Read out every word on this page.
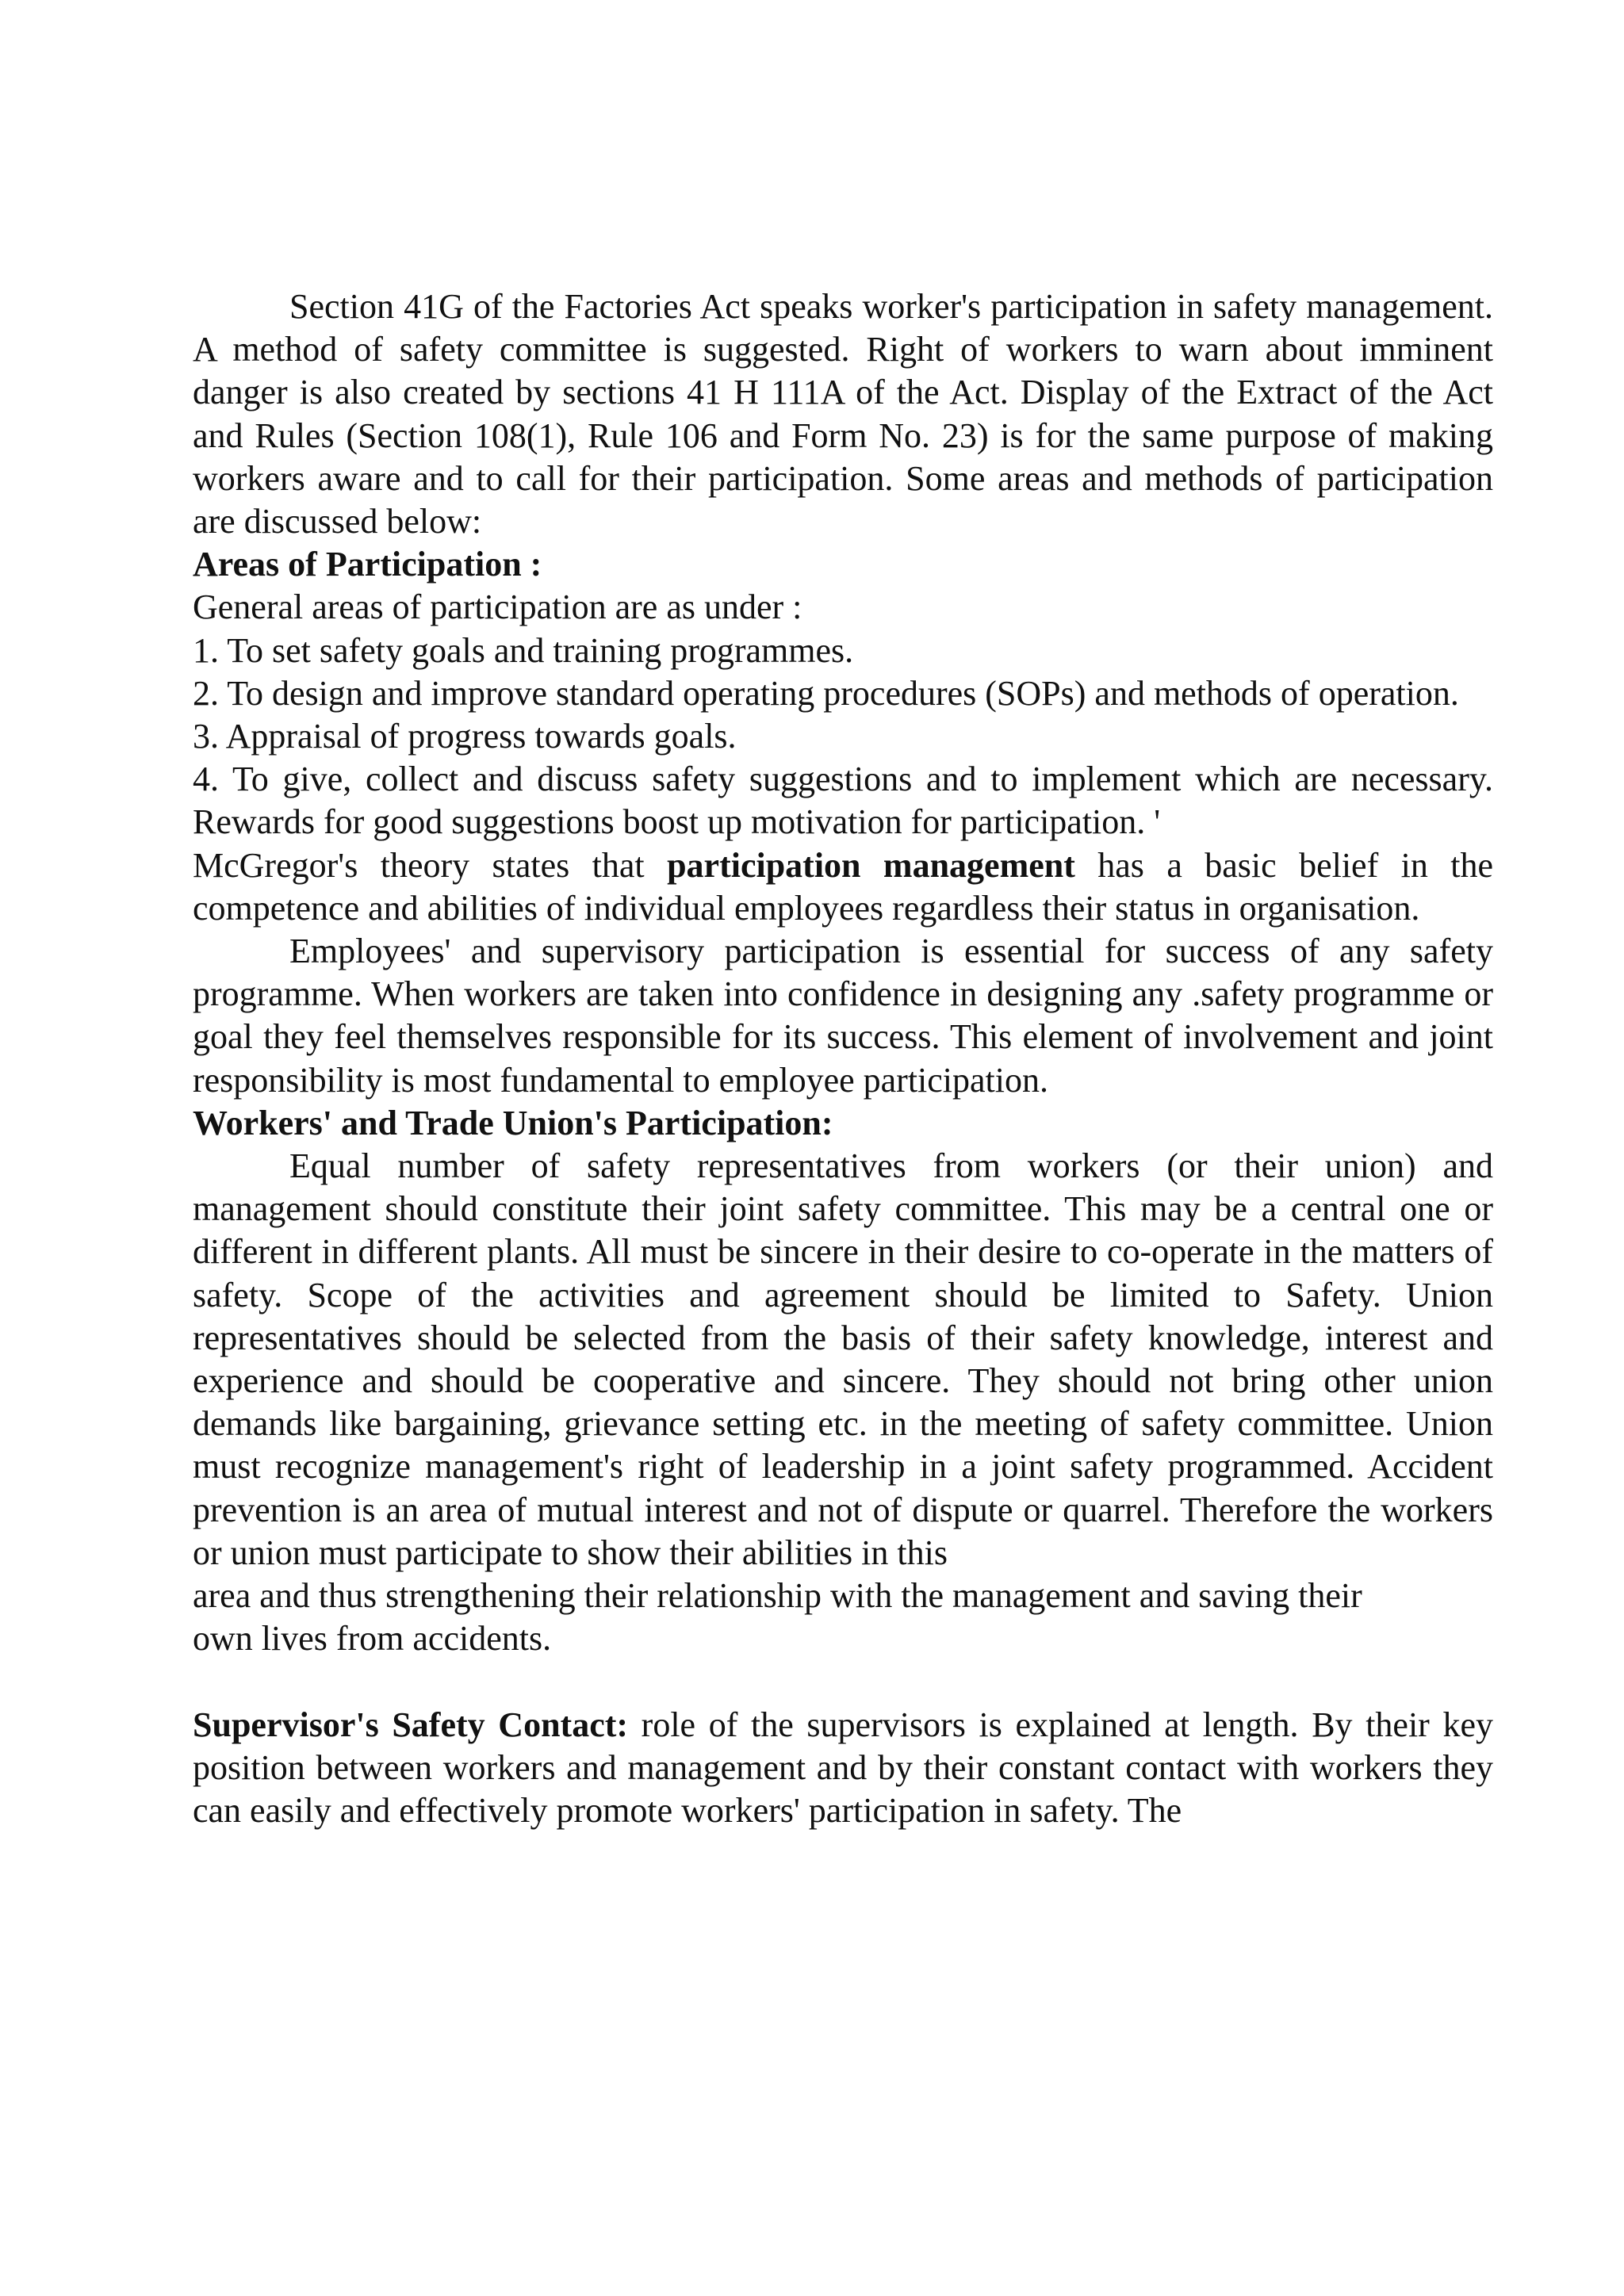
Section 41G of the Factories Act speaks worker's participation in safety management. A method of safety committee is suggested. Right of workers to warn about imminent danger is also created by sections 41 H 111A of the Act. Display of the Extract of the Act and Rules (Section 108(1), Rule 106 and Form No. 23) is for the same purpose of making workers aware and to call for their participation. Some areas and methods of participation are discussed below:

Areas of Participation :

General areas of participation are as under :

1. To set safety goals and training programmes.

2. To design and improve standard operating procedures (SOPs) and methods of operation.

3. Appraisal of progress towards goals.

4. To give, collect and discuss safety suggestions and to implement which are necessary. Rewards for good suggestions boost up motivation for participation. '

McGregor's theory states that participation management has a basic belief in the competence and abilities of individual employees regardless their status in organisation.

Employees' and supervisory participation is essential for success of any safety programme. When workers are taken into confidence in designing any .safety programme or goal they feel themselves responsible for its success. This element of involvement and joint responsibility is most fundamental to employee participation.

Workers' and Trade Union's Participation:

Equal number of safety representatives from workers (or their union) and management should constitute their joint safety committee. This may be a central one or different in different plants. All must be sincere in their desire to co-operate in the matters of safety. Scope of the activities and agreement should be limited to Safety. Union representatives should be selected from the basis of their safety knowledge, interest and experience and should be cooperative and sincere. They should not bring other union demands like bargaining, grievance setting etc. in the meeting of safety committee. Union must recognize management's right of leadership in a joint safety programmed. Accident prevention is an area of mutual interest and not of dispute or quarrel. Therefore the workers or union must participate to show their abilities in this

area and thus strengthening their relationship with the management and saving their

own lives from accidents.

Supervisor's Safety Contact: role of the supervisors is explained at length. By their key position between workers and management and by their constant contact with workers they can easily and effectively promote workers' participation in safety. The
